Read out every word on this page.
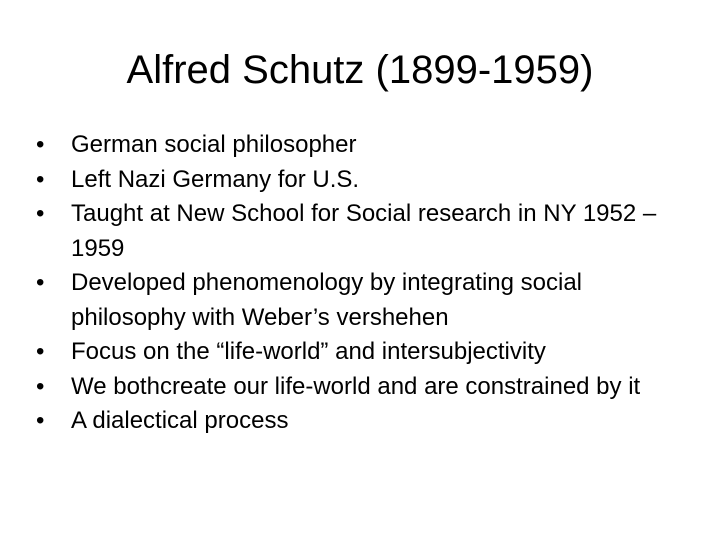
Alfred Schutz (1899-1959)
•	German social philosopher
•	Left Nazi Germany for U.S.
•	Taught at New School for Social research in NY 1952 – 1959
•	Developed phenomenology by integrating social philosophy with Weber’s vershehen
•	Focus on the “life-world” and intersubjectivity
•	We bothcreate our life-world and are constrained by it
•	A dialectical process
